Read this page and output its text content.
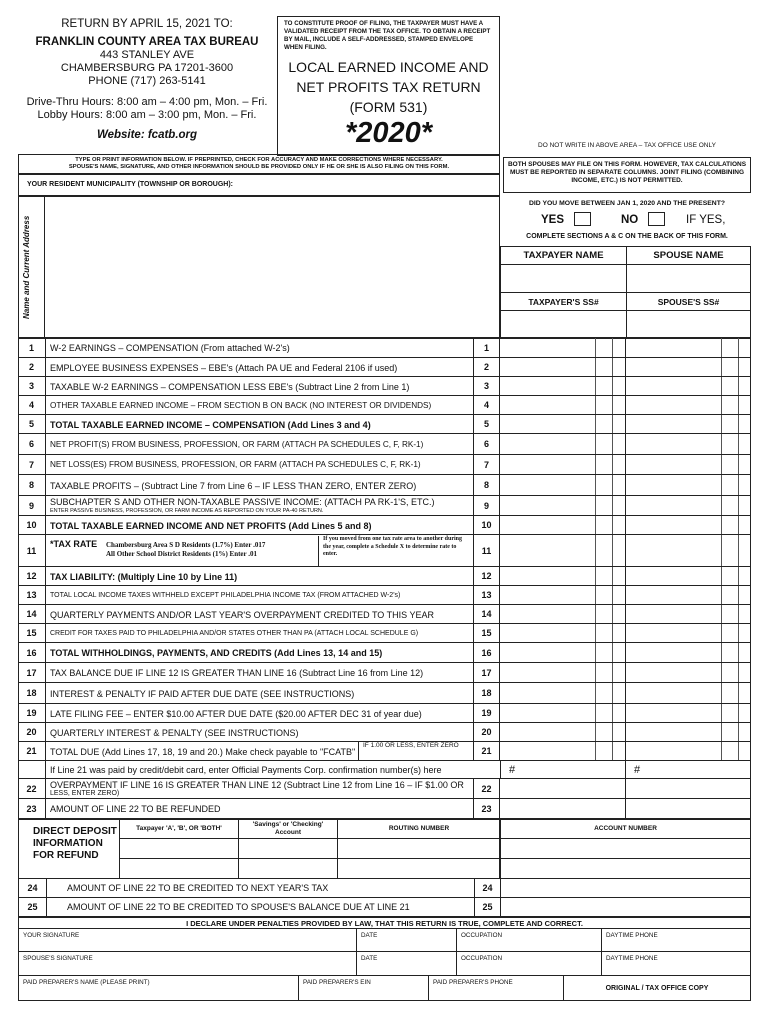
RETURN BY APRIL 15, 2021 TO:
FRANKLIN COUNTY AREA TAX BUREAU
443 STANLEY AVE
CHAMBERSBURG PA 17201-3600
PHONE (717) 263-5141
Drive-Thru Hours: 8:00 am – 4:00 pm, Mon. – Fri.
Lobby Hours: 8:00 am – 3:00 pm, Mon. – Fri.
Website: fcatb.org
TO CONSTITUTE PROOF OF FILING, THE TAXPAYER MUST HAVE A VALIDATED RECEIPT FROM THE TAX OFFICE. TO OBTAIN A RECEIPT BY MAIL, INCLUDE A SELF-ADDRESSED, STAMPED ENVELOPE WHEN FILING.
LOCAL EARNED INCOME AND
NET PROFITS TAX RETURN
(FORM 531)
*2020*	DO NOT WRITE IN ABOVE AREA – TAX OFFICE USE ONLY
TYPE OR PRINT INFORMATION BELOW. IF PREPRINTED, CHECK FOR ACCURACY AND MAKE CORRECTIONS WHERE NECESSARY.
SPOUSE'S NAME, SIGNATURE, AND OTHER INFORMATION SHOULD BE PROVIDED ONLY IF HE OR SHE IS ALSO FILING ON THIS FORM.
YOUR RESIDENT MUNICIPALITY (TOWNSHIP OR BOROUGH):
BOTH SPOUSES MAY FILE ON THIS FORM. HOWEVER, TAX CALCULATIONS MUST BE REPORTED IN SEPARATE COLUMNS. JOINT FILING (COMBINING INCOME, ETC.) IS NOT PERMITTED.
Name and Current Address
DID YOU MOVE BETWEEN JAN 1, 2020 AND THE PRESENT?
YES	NO	IF YES,
COMPLETE SECTIONS A & C ON THE BACK OF THIS FORM.
TAXPAYER NAME	SPOUSE NAME
TAXPAYER'S SS#	SPOUSE'S SS#
1	W-2 EARNINGS – COMPENSATION (From attached W-2's)	1
2	EMPLOYEE BUSINESS EXPENSES – EBE's (Attach PA UE and Federal 2106 if used)	2
3	TAXABLE W-2 EARNINGS – COMPENSATION LESS EBE's (Subtract Line 2 from Line 1)	3
4	OTHER TAXABLE EARNED INCOME – FROM SECTION B ON BACK (NO INTEREST OR DIVIDENDS)	4
5	TOTAL TAXABLE EARNED INCOME – COMPENSATION (Add Lines 3 and 4)	5
6	NET PROFIT(S) FROM BUSINESS, PROFESSION, OR FARM (ATTACH PA SCHEDULES C, F, RK-1)	6
7	NET LOSS(ES) FROM BUSINESS, PROFESSION, OR FARM (ATTACH PA SCHEDULES C, F, RK-1)	7
8	TAXABLE PROFITS – (Subtract Line 7 from Line 6 – IF LESS THAN ZERO, ENTER ZERO)	8
9	SUBCHAPTER S AND OTHER NON-TAXABLE PASSIVE INCOME: (ATTACH PA RK-1'S, ETC.)
ENTER PASSIVE BUSINESS, PROFESSION, OR FARM INCOME AS REPORTED ON YOUR PA-40 RETURN.	9
10	TOTAL TAXABLE EARNED INCOME AND NET PROFITS (Add Lines 5 and 8)	10
11
*TAX RATE	Chambersburg Area S D Residents (1.7%) Enter .017
All Other School District Residents (1%) Enter .01
If you moved from one tax rate area to another during the year, complete a Schedule X to determine rate to enter.	11
12	TAX LIABILITY: (Multiply Line 10 by Line 11)	12
13	TOTAL LOCAL INCOME TAXES WITHHELD EXCEPT PHILADELPHIA INCOME TAX (FROM ATTACHED W-2's)	13
14	QUARTERLY PAYMENTS AND/OR LAST YEAR'S OVERPAYMENT CREDITED TO THIS YEAR	14
15	CREDIT FOR TAXES PAID TO PHILADELPHIA AND/OR STATES OTHER THAN PA (ATTACH LOCAL SCHEDULE G)	15
16	TOTAL WITHHOLDINGS, PAYMENTS, AND CREDITS (Add Lines 13, 14 and 15)	16
17	TAX BALANCE DUE IF LINE 12 IS GREATER THAN LINE 16 (Subtract Line 16 from Line 12)	17
18	INTEREST & PENALTY IF PAID AFTER DUE DATE (SEE INSTRUCTIONS)	18
19	LATE FILING FEE – ENTER $10.00 AFTER DUE DATE ($20.00 AFTER DEC 31 of year due)	19
20	QUARTERLY INTEREST & PENALTY (SEE INSTRUCTIONS)	20
21	TOTAL DUE (Add Lines 17, 18, 19 and 20.) Make check payable to "FCATB"
IF 1.00 OR LESS, ENTER ZERO
21
If Line 21 was paid by credit/debit card, enter Official Payments Corp. confirmation number(s) here	#	#
22	OVERPAYMENT IF LINE 16 IS GREATER THAN LINE 12 (Subtract Line 12 from Line 16 – IF $1.00 OR
LESS, ENTER ZERO)	22
23	AMOUNT OF LINE 22 TO BE REFUNDED	23
DIRECT DEPOSIT INFORMATION FOR REFUND
Taxpayer 'A', 'B', OR 'BOTH'
'Savings' or 'Checking' Account
ROUTING NUMBER	ACCOUNT NUMBER
24	AMOUNT OF LINE 22 TO BE CREDITED TO NEXT YEAR'S TAX	24
25	AMOUNT OF LINE 22 TO BE CREDITED TO SPOUSE'S BALANCE DUE AT LINE 21	25
I DECLARE UNDER PENALTIES PROVIDED BY LAW, THAT THIS RETURN IS TRUE, COMPLETE AND CORRECT.
YOUR SIGNATURE	DATE	OCCUPATION	DAYTIME PHONE
SPOUSE'S SIGNATURE	DATE	OCCUPATION	DAYTIME PHONE
PAID PREPARER'S NAME (PLEASE PRINT)	PAID PREPARER'S EIN	PAID PREPARER'S PHONE
ORIGINAL / TAX OFFICE COPY
